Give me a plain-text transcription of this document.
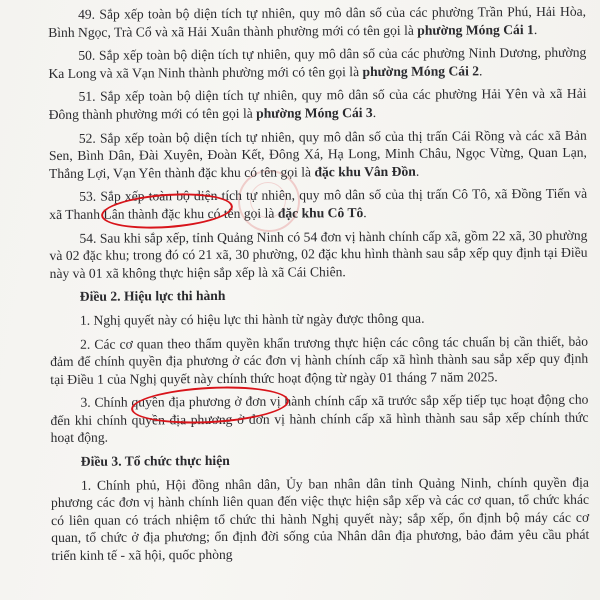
49. Sắp xếp toàn bộ diện tích tự nhiên, quy mô dân số của các phường Trần Phú, Hải Hòa, Bình Ngọc, Trà Cổ và xã Hải Xuân thành phường mới có tên gọi là phường Móng Cái 1.

50. Sắp xếp toàn bộ diện tích tự nhiên, quy mô dân số của các phường Ninh Dương, phường Ka Long và xã Vạn Ninh thành phường mới có tên gọi là phường Móng Cái 2.

51. Sắp xếp toàn bộ diện tích tự nhiên, quy mô dân số của các phường Hải Yên và xã Hải Đông thành phường mới có tên gọi là phường Móng Cái 3.

52. Sắp xếp toàn bộ diện tích tự nhiên, quy mô dân số của thị trấn Cái Rồng và các xã Bản Sen, Bình Dân, Đài Xuyên, Đoàn Kết, Đông Xá, Hạ Long, Minh Châu, Ngọc Vừng, Quan Lạn, Thắng Lợi, Vạn Yên thành đặc khu có tên gọi là đặc khu Vân Đồn.

53. Sắp xếp toàn bộ diện tích tự nhiên, quy mô dân số của thị trấn Cô Tô, xã Đồng Tiến và xã Thanh Lân thành đặc khu có tên gọi là đặc khu Cô Tô.

54. Sau khi sắp xếp, tỉnh Quảng Ninh có 54 đơn vị hành chính cấp xã, gồm 22 xã, 30 phường và 02 đặc khu; trong đó có 21 xã, 30 phường, 02 đặc khu hình thành sau sắp xếp quy định tại Điều này và 01 xã không thực hiện sắp xếp là xã Cái Chiên.

Điều 2. Hiệu lực thi hành

1. Nghị quyết này có hiệu lực thi hành từ ngày được thông qua.

2. Các cơ quan theo thẩm quyền khẩn trương thực hiện các công tác chuẩn bị cần thiết, bảo đảm để chính quyền địa phương ở các đơn vị hành chính cấp xã hình thành sau sắp xếp quy định tại Điều 1 của Nghị quyết này chính thức hoạt động từ ngày 01 tháng 7 năm 2025.

3. Chính quyền địa phương ở đơn vị hành chính cấp xã trước sắp xếp tiếp tục hoạt động cho đến khi chính quyền địa phương ở đơn vị hành chính cấp xã hình thành sau sắp xếp chính thức hoạt động.

Điều 3. Tổ chức thực hiện

1. Chính phủ, Hội đồng nhân dân, Ủy ban nhân dân tỉnh Quảng Ninh, chính quyền địa phương các đơn vị hành chính liên quan đến việc thực hiện sắp xếp và các cơ quan, tổ chức khác có liên quan có trách nhiệm tổ chức thi hành Nghị quyết này; sắp xếp, ổn định bộ máy các cơ quan, tổ chức ở địa phương; ổn định đời sống của Nhân dân địa phương, bảo đảm yêu cầu phát triển kinh tế - xã hội, quốc phòng
